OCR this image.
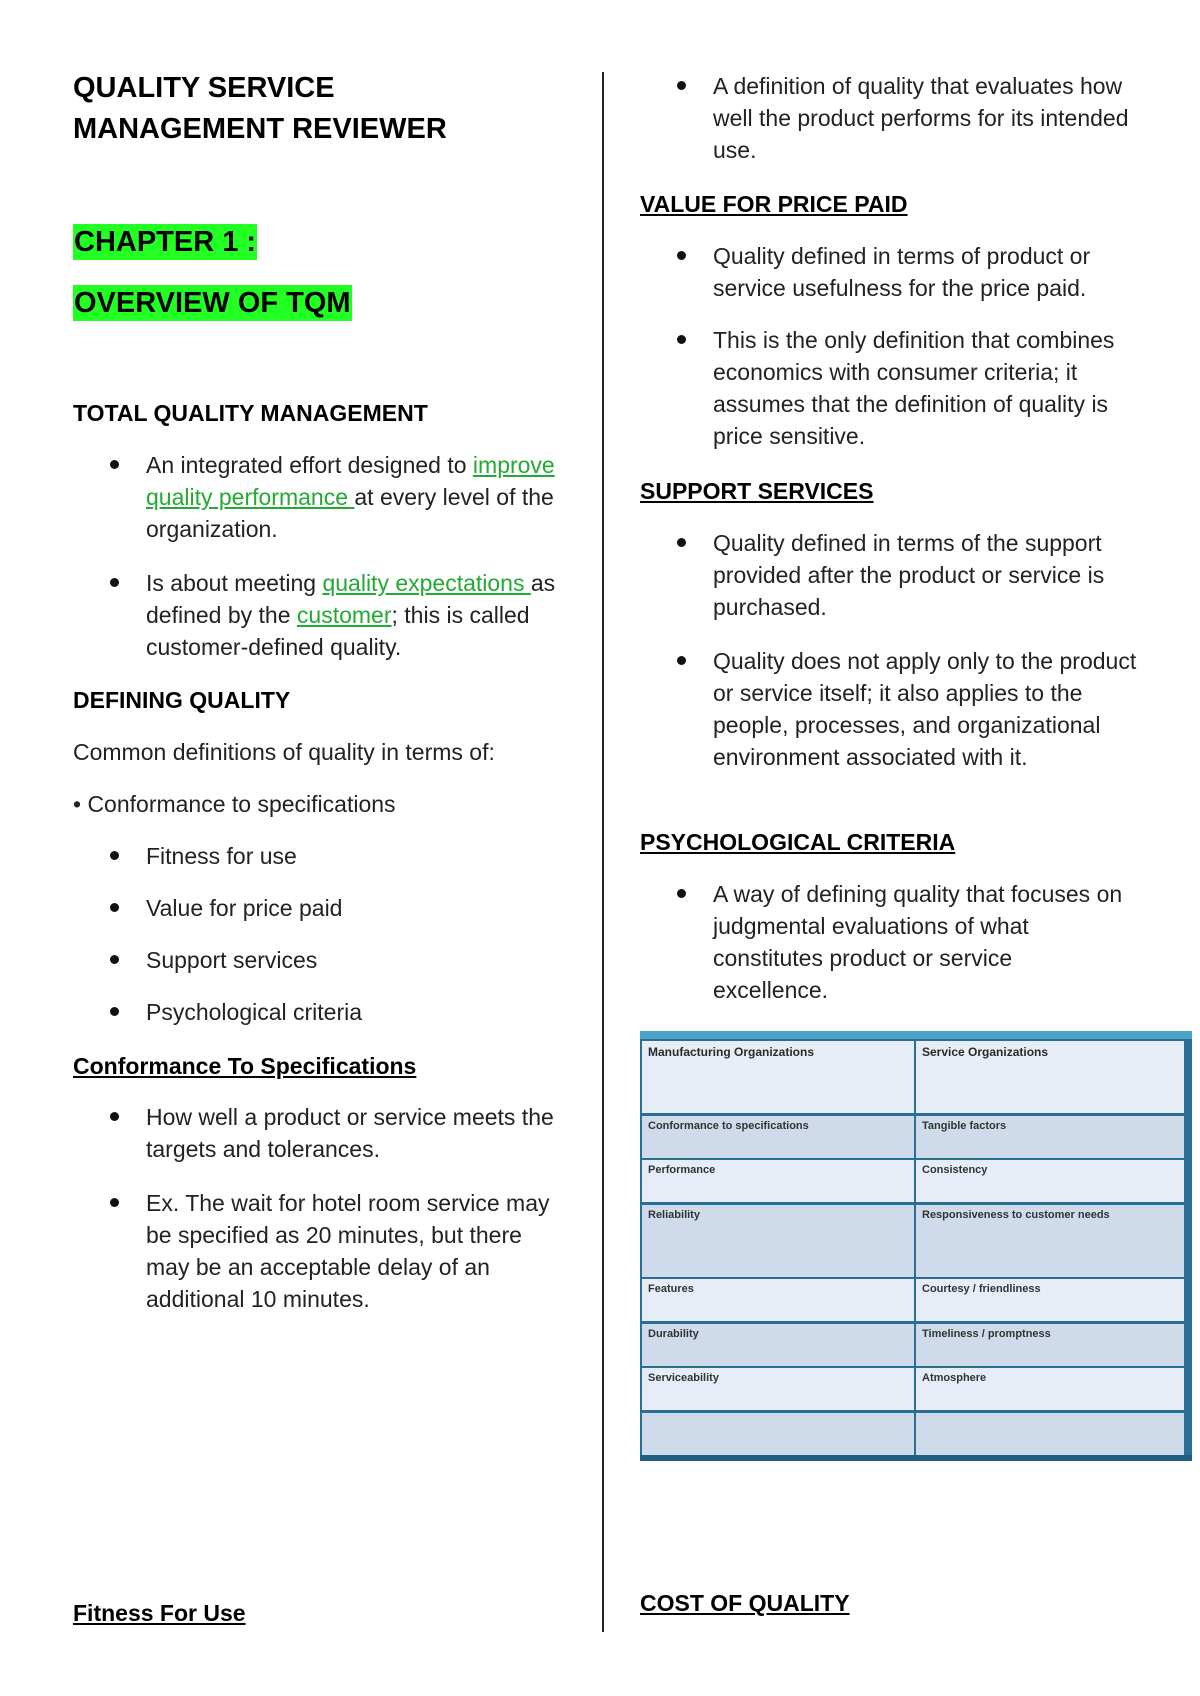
QUALITY SERVICE
MANAGEMENT REVIEWER
CHAPTER 1 :
OVERVIEW OF TQM
TOTAL QUALITY MANAGEMENT
An integrated effort designed to improve quality performance at every level of the organization.
Is about meeting quality expectations as defined by the customer; this is called customer-defined quality.
DEFINING QUALITY
Common definitions of quality in terms of:
• Conformance to specifications
Fitness for use
Value for price paid
Support services
Psychological criteria
Conformance To Specifications
How well a product or service meets the targets and tolerances.
Ex. The wait for hotel room service may be specified as 20 minutes, but there may be an acceptable delay of an additional 10 minutes.
Fitness For Use
A definition of quality that evaluates how well the product performs for its intended use.
VALUE FOR PRICE PAID
Quality defined in terms of product or service usefulness for the price paid.
This is the only definition that combines economics with consumer criteria; it assumes that the definition of quality is price sensitive.
SUPPORT SERVICES
Quality defined in terms of the support provided after the product or service is purchased.
Quality does not apply only to the product or service itself; it also applies to the people, processes, and organizational environment associated with it.
PSYCHOLOGICAL CRITERIA
A way of defining quality that focuses on judgmental evaluations of what constitutes product or service excellence.
Manufacturing Organizations	Service Organizations
Conformance to specifications	Tangible factors
Performance	Consistency
Reliability	Responsiveness to customer needs
Features	Courtesy / friendliness
Durability	Timeliness / promptness
Serviceability	Atmosphere
COST OF QUALITY
